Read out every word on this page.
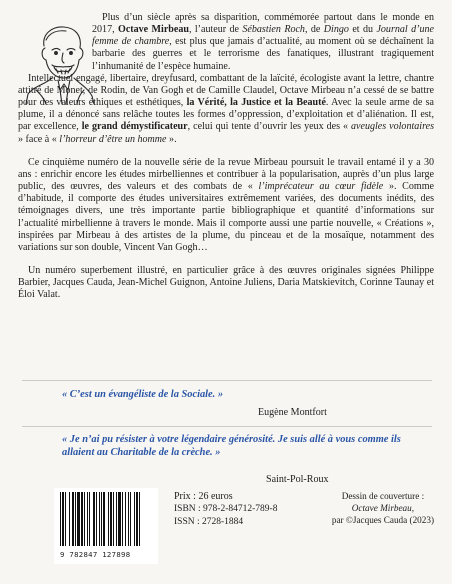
Plus d’un siècle après sa disparition, commémorée partout dans le monde en 2017, Octave Mirbeau, l’auteur de Sébastien Roch, de Dingo et du Journal d’une femme de chambre, est plus que jamais d’actualité, au moment où se déchaînent la barbarie des guerres et le terrorisme des fanatiques, illustrant tragiquement l’inhumanité de l’espèce humaine.

Intellectuel engagé, libertaire, dreyfusard, combattant de la laïcité, écologiste avant la lettre, chantre attitré de Monet, de Rodin, de Van Gogh et de Camille Claudel, Octave Mirbeau n’a cessé de se battre pour des valeurs éthiques et esthétiques, la Vérité, la Justice et la Beauté. Avec la seule arme de sa plume, il a dénoncé sans relâche toutes les formes d’oppression, d’exploitation et d’aliénation. Il est, par excellence, le grand démystificateur, celui qui tente d’ouvrir les yeux des « aveugles volontaires » face à « l’horreur d’être un homme ».

Ce cinquième numéro de la nouvelle série de la revue Mirbeau poursuit le travail entamé il y a 30 ans : enrichir encore les études mirbelliennes et contribuer à la popularisation, auprès d’un plus large public, des œuvres, des valeurs et des combats de « l’imprécateur au cœur fidèle ». Comme d’habitude, il comporte des études universitaires extrêmement variées, des documents inédits, des témoignages divers, une très importante partie bibliographique et quantité d’informations sur l’actualité mirbellienne à travers le monde. Mais il comporte aussi une partie nouvelle, « Créations », inspirées par Mirbeau à des artistes de la plume, du pinceau et de la mosaïque, notamment des variations sur son double, Vincent Van Gogh…

Un numéro superbement illustré, en particulier grâce à des œuvres originales signées Philippe Barbier, Jacques Cauda, Jean-Michel Guignon, Antoine Juliens, Daria Matskievitch, Corinne Taunay et Éloi Valat.

« C’est un évangéliste de la Sociale. »

Eugène Montfort

« Je n’ai pu résister à votre légendaire générosité. Je suis allé à vous comme ils allaient au Charitable de la crèche. »

Saint-Pol-Roux
9 782847 127898
Prix : 26 euros
ISBN : 978-2-84712-789-8
ISSN : 2728-1884
Dessin de couverture :
Octave Mirbeau,
par ©Jacques Cauda (2023)
